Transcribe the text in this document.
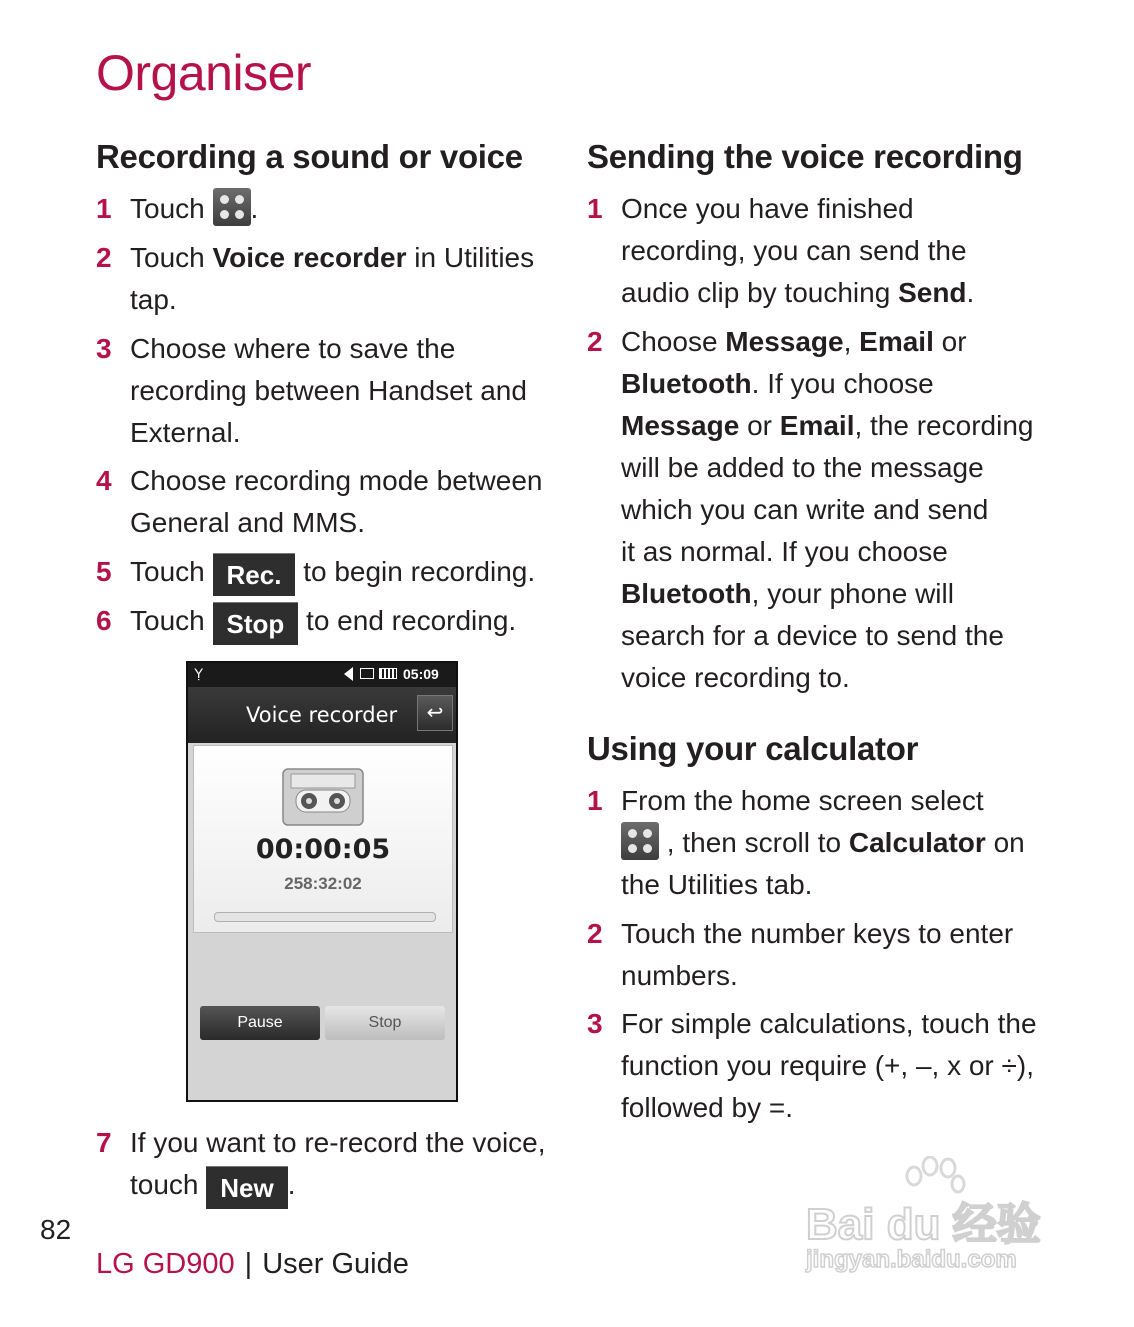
Organiser
Recording a sound or voice
1 Touch
.
2 Touch Voice recorder in Utilities

tap.

3 Choose where to save the

recording between Handset and

External.

4 Choose recording mode between

General and MMS.

5 Touch Rec. to begin recording.

6 Touch Stop to end recording.

Ỵ	05:09
Voice recorder	↩
00:00:05
258:32:02
Pause	Stop
7 If you want to re-record the voice,

touch New .

Sending the voice recording
1 Once you have finished

recording, you can send the

audio clip by touching Send.

2 Choose Message, Email or

Bluetooth. If you choose

Message or Email, the recording

will be added to the message

which you can write and send

it as normal. If you choose

Bluetooth, your phone will

search for a device to send the

voice recording to.

Using your calculator
1 From the home screen select

, then scroll to Calculator on

the Utilities tab.

2 Touch the number keys to enter

numbers.

3 For simple calculations, touch the

function you require (+, –, x or ÷),

followed by =.

82
LG GD900 | User Guide
Bai du 经验
jingyan.baidu.com
